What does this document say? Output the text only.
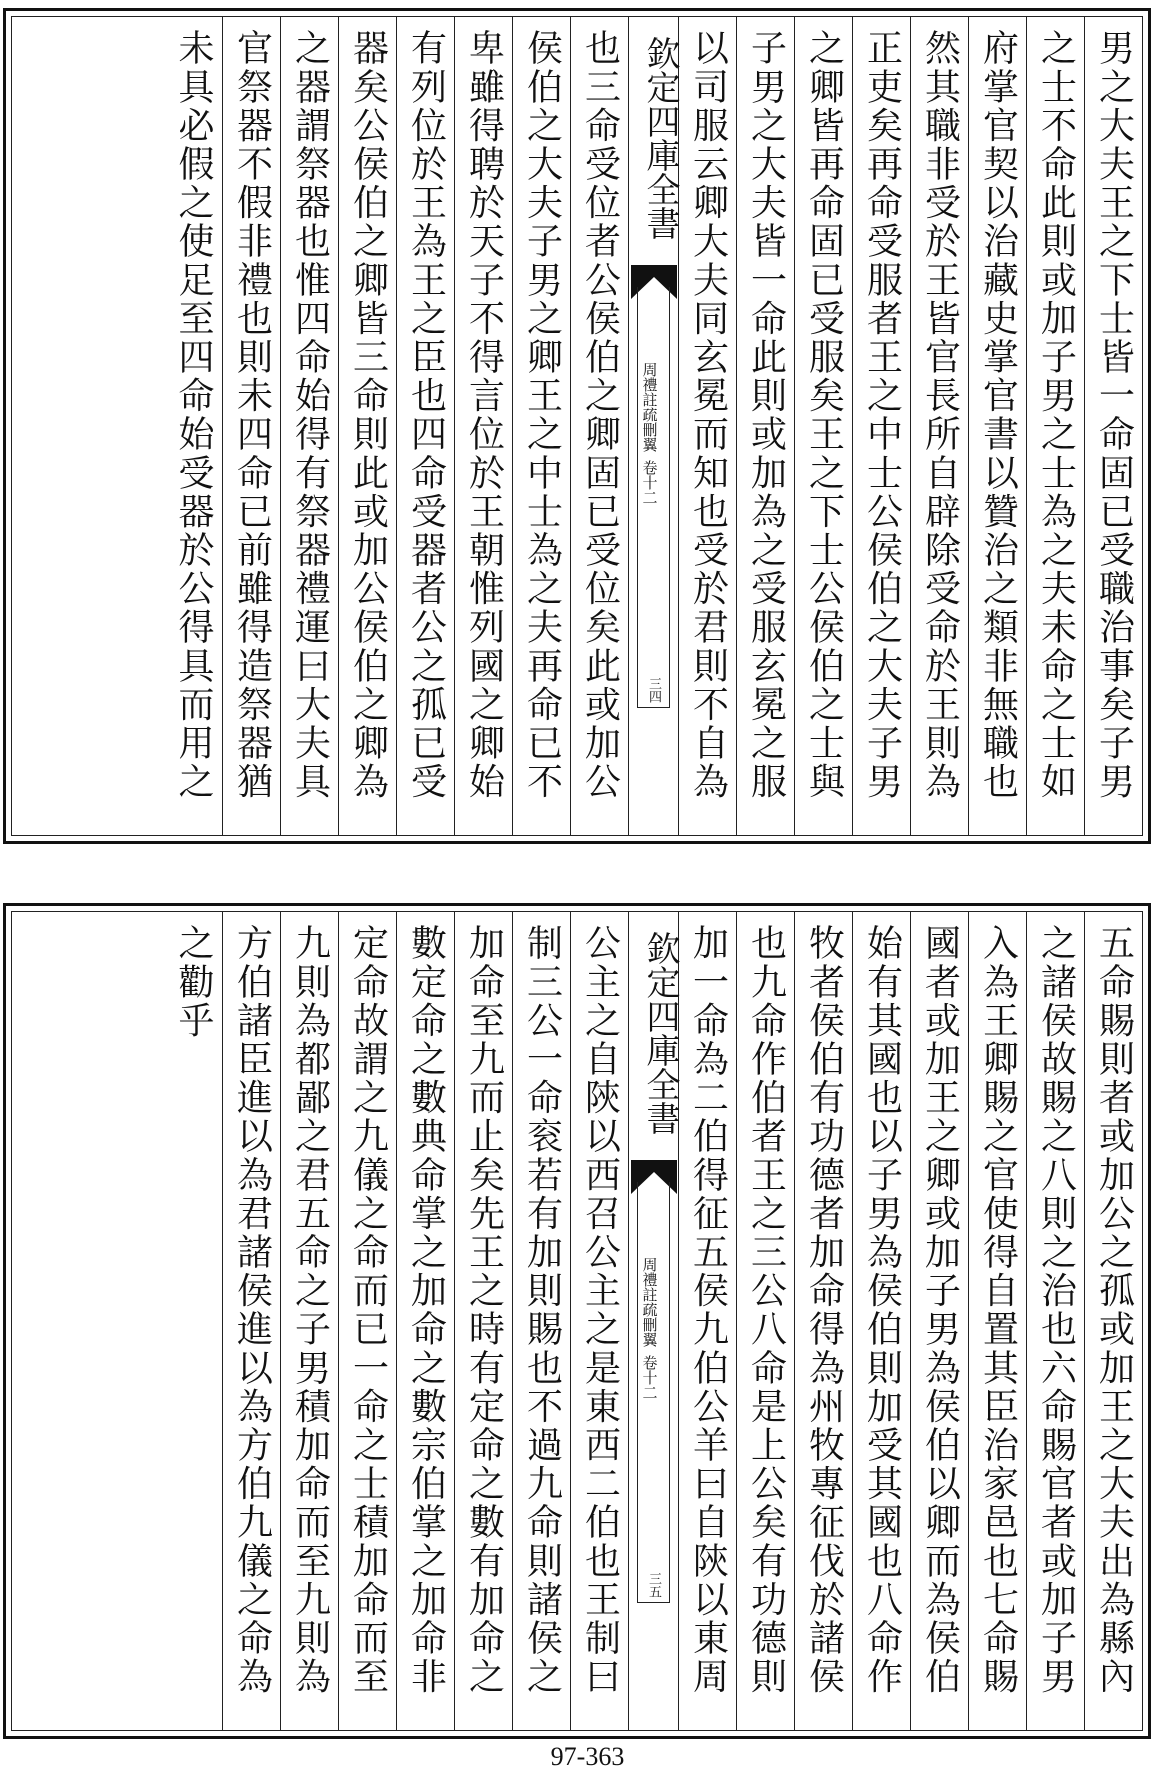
男之大夫王之下士皆一命固已受職治事矣子男
之士不命此則或加子男之士為之夫未命之士如
府掌官契以治藏史掌官書以贊治之類非無職也
然其職非受於王皆官長所自辟除受命於王則為
正吏矣再命受服者王之中士公侯伯之大夫子男
之卿皆再命固已受服矣王之下士公侯伯之士與
子男之大夫皆一命此則或加為之受服玄冕之服
以司服云卿大夫同玄冕而知也受於君則不自為
欽定四庫全書
周禮註疏刪翼
卷十二
三四
也三命受位者公侯伯之卿固已受位矣此或加公
侯伯之大夫子男之卿王之中士為之夫再命已不
卑雖得聘於天子不得言位於王朝惟列國之卿始
有列位於王為王之臣也四命受器者公之孤已受
器矣公侯伯之卿皆三命則此或加公侯伯之卿為
之器謂祭器也惟四命始得有祭器禮運曰大夫具
官祭器不假非禮也則未四命已前雖得造祭器猶
未具必假之使足至四命始受器於公得具而用之
五命賜則者或加公之孤或加王之大夫出為縣內
之諸侯故賜之八則之治也六命賜官者或加子男
入為王卿賜之官使得自置其臣治家邑也七命賜
國者或加王之卿或加子男為侯伯以卿而為侯伯
始有其國也以子男為侯伯則加受其國也八命作
牧者侯伯有功德者加命得為州牧專征伐於諸侯
也九命作伯者王之三公八命是上公矣有功德則
加一命為二伯得征五侯九伯公羊曰自陝以東周
欽定四庫全書
周禮註疏刪翼
卷十二
三五
公主之自陝以西召公主之是東西二伯也王制曰
制三公一命衮若有加則賜也不過九命則諸侯之
加命至九而止矣先王之時有定命之數有加命之
數定命之數典命掌之加命之數宗伯掌之加命非
定命故謂之九儀之命而已一命之士積加命而至
九則為都鄙之君五命之子男積加命而至九則為
方伯諸臣進以為君諸侯進以為方伯九儀之命為
之勸乎
97-363
